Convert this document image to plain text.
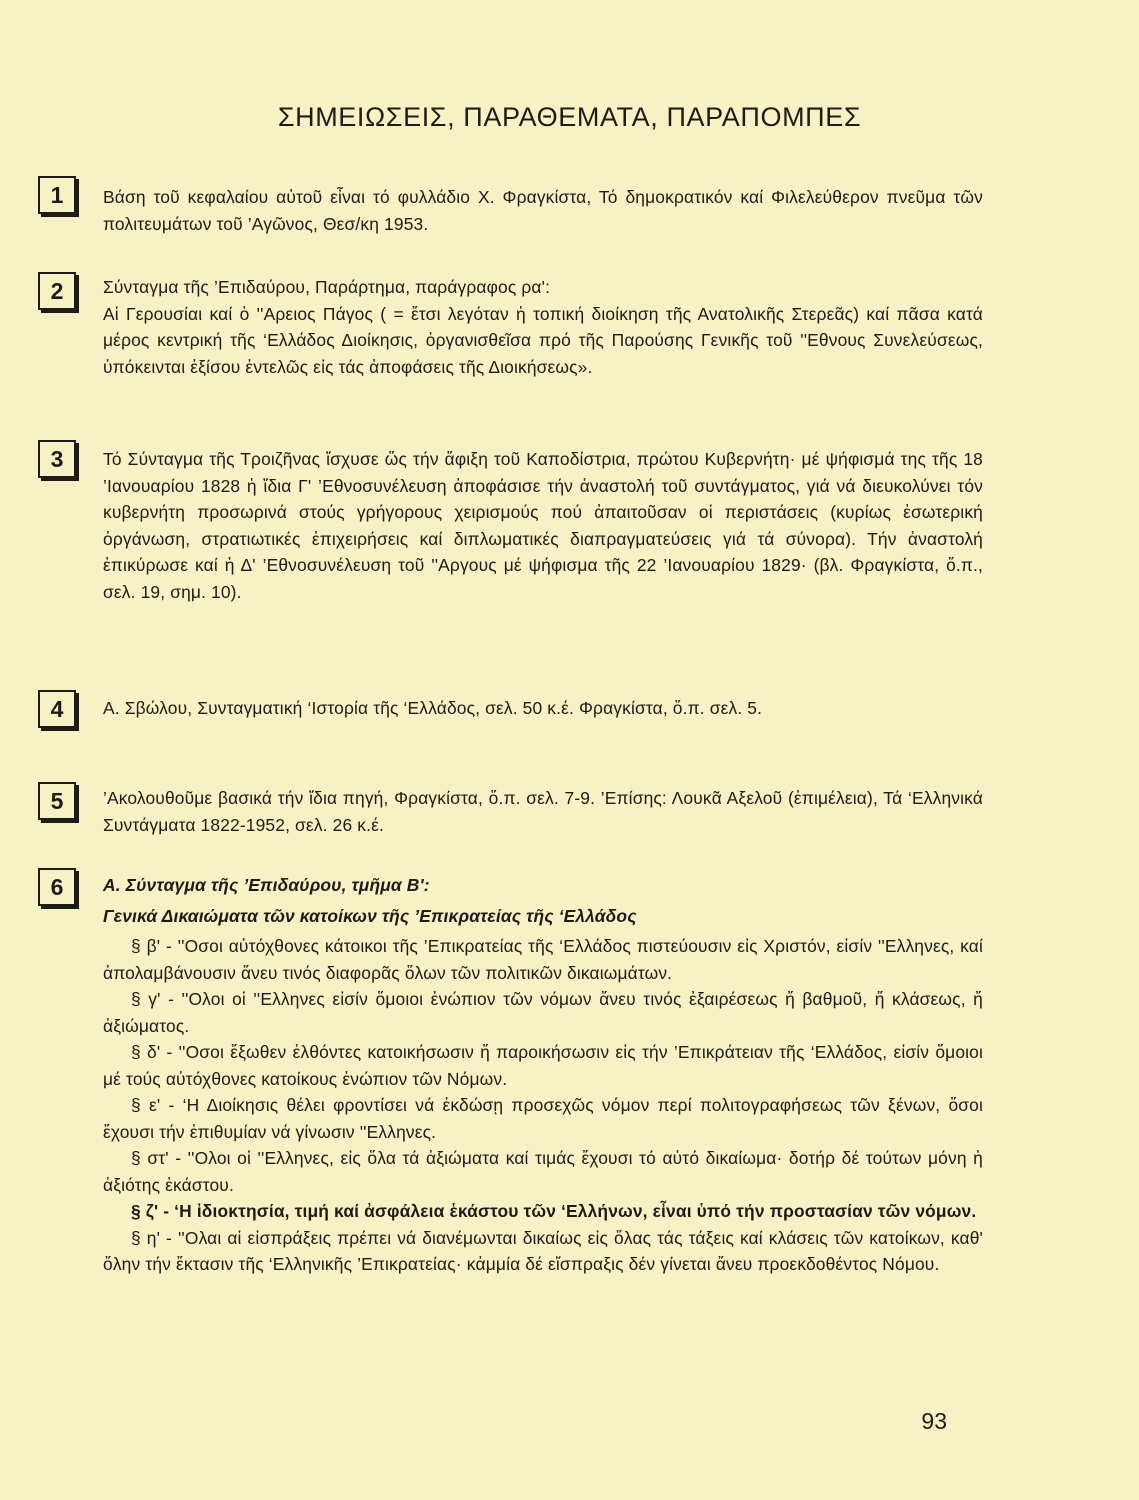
ΣΗΜΕΙΩΣΕΙΣ, ΠΑΡΑΘΕΜΑΤΑ, ΠΑΡΑΠΟΜΠΕΣ
1	Βάση τοῦ κεφαλαίου αὐτοῦ εἶναι τό φυλλάδιο Χ. Φραγκίστα, Τό δημοκρατικόν καί Φιλελεύθερον πνεῦμα τῶν πολιτευμάτων τοῦ ’Αγῶνος, Θεσ/κη 1953.

2	Σύνταγμα τῆς ’Επιδαύρου, Παράρτημα, παράγραφος ρα':

Αἱ Γερουσίαι καί ὁ ''Αρειος Πάγος ( = ἔτσι λεγόταν ἡ τοπική διοίκηση τῆς Ανατολικῆς Στερεᾶς) καί πᾶσα κατά μέρος κεντρική τῆς ‘Ελλάδος Διοίκησις, ὀργανισθεῖσα πρό τῆς Παρούσης Γενικῆς τοῦ ''Εθνους Συνελεύσεως, ὑπόκεινται ἐξίσου ἐντελῶς εἰς τάς ἀποφάσεις τῆς Διοικήσεως».

3	Τό Σύνταγμα τῆς Τροιζῆνας ἴσχυσε ὥς τήν ἄφιξη τοῦ Καποδίστρια, πρώτου Κυβερνήτη· μέ ψήφισμά της τῆς 18 ’Ιανουαρίου 1828 ἡ ἴδια Γ' ’Εθνοσυνέλευση ἀποφάσισε τήν ἀναστολή τοῦ συντάγματος, γιά νά διευκολύνει τόν κυβερνήτη προσωρινά στούς γρήγορους χειρισμούς πού ἀπαιτοῦσαν οἱ περιστάσεις (κυρίως ἐσωτερική ὀργάνωση, στρατιωτικές ἐπιχειρήσεις καί διπλωματικές διαπραγματεύσεις γιά τά σύνορα). Τήν ἀναστολή ἐπικύρωσε καί ἡ Δ' ’Εθνοσυνέλευση τοῦ ''Αργους μέ ψήφισμα τῆς 22 ’Ιανουαρίου 1829· (βλ. Φραγκίστα, ὅ.π., σελ. 19, σημ. 10).

4	Α. Σβώλου, Συνταγματική ‘Ιστορία τῆς ‘Ελλάδος, σελ. 50 κ.έ. Φραγκίστα, ὅ.π. σελ. 5.

5	’Ακολουθοῦμε βασικά τήν ἴδια πηγή, Φραγκίστα, ὅ.π. σελ. 7-9. ’Επίσης: Λουκᾶ Αξελοῦ (ἐπιμέλεια), Τά ‘Ελληνικά Συντάγματα 1822-1952, σελ. 26 κ.έ.

6	Α. Σύνταγμα τῆς ’Επιδαύρου, τμῆμα Β':

Γενικά Δικαιώματα τῶν κατοίκων τῆς ’Επικρατείας τῆς ‘Ελλάδος

§ β' - ''Οσοι αὐτόχθονες κάτοικοι τῆς ’Επικρατείας τῆς ‘Ελλάδος πιστεύουσιν εἰς Χριστόν, εἰσίν ''Ελληνες, καί ἀπολαμβάνουσιν ἄνευ τινός διαφορᾶς ὅλων τῶν πολιτικῶν δικαιωμάτων.

§ γ' - ''Ολοι οἱ ''Ελληνες εἰσίν ὅμοιοι ἐνώπιον τῶν νόμων ἄνευ τινός ἐξαιρέσεως ἤ βαθμοῦ, ἤ κλάσεως, ἤ ἀξιώματος.

§ δ' - ''Οσοι ἔξωθεν ἐλθόντες κατοικήσωσιν ἤ παροικήσωσιν εἰς τήν ’Επικράτειαν τῆς ‘Ελλάδος, εἰσίν ὅμοιοι μέ τούς αὐτόχθονες κατοίκους ἐνώπιον τῶν Νόμων.

§ ε' - ‘Η Διοίκησις θέλει φροντίσει νά ἐκδώσῃ προσεχῶς νόμον περί πολιτογραφήσεως τῶν ξένων, ὅσοι ἔχουσι τήν ἐπιθυμίαν νά γίνωσιν ''Ελληνες.

§ στ' - ''Ολοι οἱ ''Ελληνες, εἰς ὅλα τά ἀξιώματα καί τιμάς ἔχουσι τό αὐτό δικαίωμα· δοτήρ δέ τούτων μόνη ἡ ἀξιότης ἑκάστου.

§ ζ' - ‘Η ἰδιοκτησία, τιμή καί ἀσφάλεια ἑκάστου τῶν ‘Ελλήνων, εἶναι ὑπό τήν προστασίαν τῶν νόμων.

§ η' - ''Ολαι αἱ εἰσπράξεις πρέπει νά διανέμωνται δικαίως εἰς ὅλας τάς τάξεις καί κλάσεις τῶν κατοίκων, καθ' ὅλην τήν ἔκτασιν τῆς ‘Ελληνικῆς ’Επικρατείας· κἀμμία δέ εἴσπραξις δέν γίνεται ἄνευ προεκδοθέντος Νόμου.

93
